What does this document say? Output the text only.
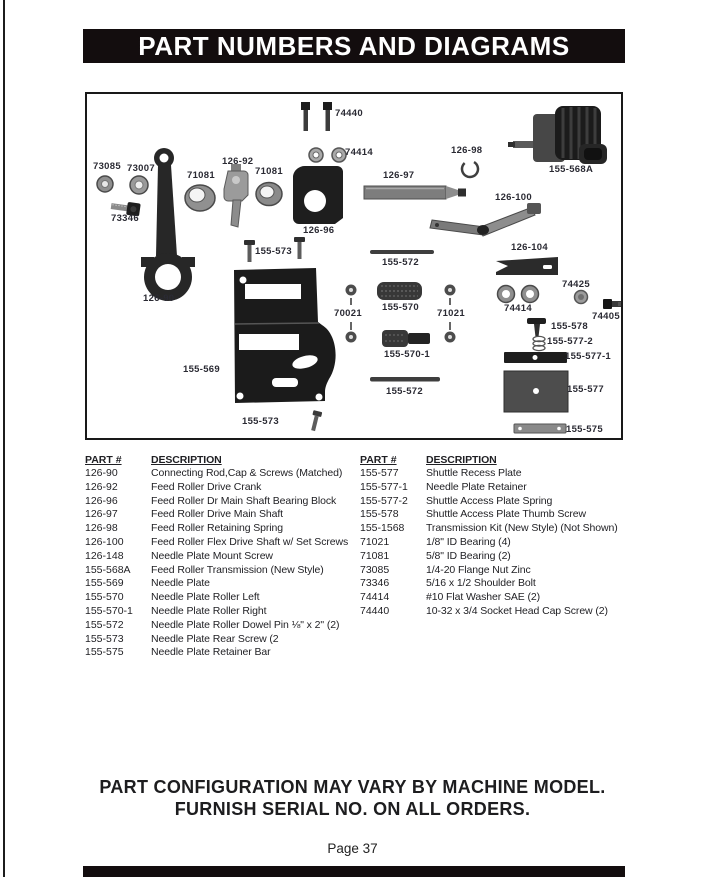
PART NUMBERS AND DIAGRAMS
74440
74414	126-98
155-568A
73085 73007
126-92
71081	71081	126-97
126-100
73346
126-96
155-573	126-104
155-572
126-90
74425
70021
155-570
71021	74414
74405
155-578
155-577-2
155-570-1	155-577-1
155-569
155-572	155-577
155-573
155-575
PART #	DESCRIPTION
126-90	Connecting Rod,Cap & Screws (Matched)
126-92	Feed Roller Drive Crank
126-96	Feed Roller Dr Main Shaft Bearing Block
126-97	Feed Roller Drive Main Shaft
126-98	Feed Roller Retaining Spring
126-100	Feed Roller Flex Drive Shaft w/ Set Screws
126-148	Needle Plate Mount Screw
155-568A	Feed Roller Transmission (New Style)
155-569	Needle Plate
155-570	Needle Plate Roller Left
155-570-1	Needle Plate Roller Right
155-572	Needle Plate Roller Dowel Pin ⅛" x 2" (2)
155-573	Needle Plate Rear Screw (2
155-575	Needle Plate Retainer Bar
PART #	DESCRIPTION
155-577	Shuttle Recess Plate
155-577-1	Needle Plate Retainer
155-577-2	Shuttle Access Plate Spring
155-578	Shuttle Access Plate Thumb Screw
155-1568	Transmission Kit (New Style) (Not Shown)
71021	1/8" ID Bearing (4)
71081	5/8" ID Bearing (2)
73085	1/4-20 Flange Nut Zinc
73346	5/16 x 1/2 Shoulder Bolt
74414	#10 Flat Washer SAE (2)
74440	10-32 x 3/4 Socket Head Cap Screw (2)
PART CONFIGURATION MAY VARY BY MACHINE MODEL.
FURNISH SERIAL NO. ON ALL ORDERS.
Page 37
